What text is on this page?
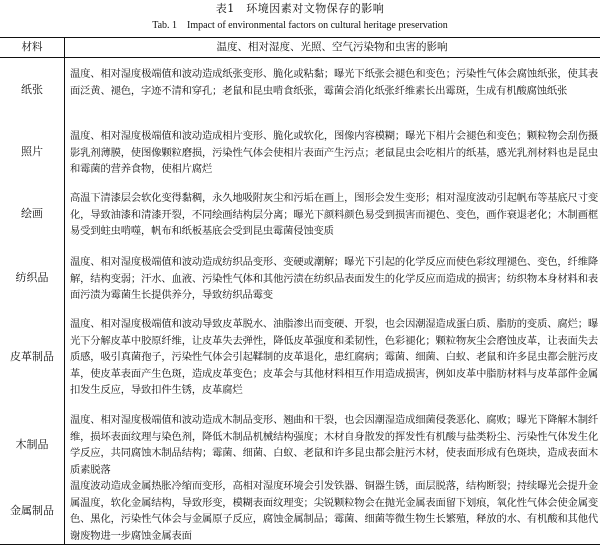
表1　环境因素对文物保存的影响
Tab. 1　Impact of environmental factors on cultural heritage preservation
材料	温度、相对湿度、光照、空气污染物和虫害的影响
纸张
温度、相对湿度极端值和波动造成纸张变形、脆化或粘黏；曝光下纸张会褪色和变色；污染性气体会腐蚀纸张，使其表面泛黄、褪色，字迹不清和穿孔；老鼠和昆虫啃食纸张，霉菌会消化纸张纤维素长出霉斑，生成有机酸腐蚀纸张
照片
温度、相对湿度极端值和波动造成相片变形、脆化或软化，图像内容模糊；曝光下相片会褪色和变色；颗粒物会刮伤摄影乳剂薄膜，使图像颗粒磨损，污染性气体会使相片表面产生污点；老鼠昆虫会吃相片的纸基，感光乳剂材料也是昆虫和霉菌的营养食物，使相片腐烂
绘画
高温下清漆层会软化变得黏稠，永久地吸附灰尘和污垢在画上，图形会发生变形；相对湿度波动引起帆布等基底尺寸变化，导致油漆和清漆开裂，不同绘画结构层分离；曝光下颜料颜色易受到损害而褪色、变色，画作衰退老化；木制画框易受到蛀虫啃噬，帆布和纸板基底会受到昆虫霉菌侵蚀变质
纺织品
温度、相对湿度极端值和波动造成纺织品变形、变硬或潮解；曝光下引起的化学反应而使色彩纹理褪色、变色，纤维降解，结构变弱；汗水、血液、污染性气体和其他污渍在纺织品表面发生的化学反应而造成的损害；纺织物本身材料和表面污渍为霉菌生长提供养分，导致纺织品霉变
皮革制品
温度、相对湿度极端值和波动导致皮革脱水、油脂渗出而变硬、开裂，也会因潮湿造成蛋白质、脂肪的变质、腐烂；曝光下分解皮革中胶原纤维，让皮革失去弹性，降低皮革强度和柔韧性，色彩褪化；颗粒物灰尘会磨蚀皮革，让表面失去质感，吸引真菌孢子，污染性气体会引起鞣制的皮革退化，患红腐病；霉菌、细菌、白蚁、老鼠和许多昆虫都会脏污皮革，使皮革表面产生色斑，造成皮革变色；皮革会与其他材料相互作用造成损害，例如皮革中脂肪材料与皮革部件金属扣发生反应，导致扣件生锈，皮革腐烂
木制品
温度、相对湿度极端值和波动造成木制品变形、翘曲和干裂，也会因潮湿造成细菌侵袭恶化、腐败；曝光下降解木制纤维，损坏表面纹理与染色剂，降低木制品机械结构强度；木材自身散发的挥发性有机酸与盐类粉尘、污染性气体发生化学反应，共同腐蚀木制品结构；霉菌、细菌、白蚁、老鼠和许多昆虫都会脏污木材，使表面形成有色斑块，造成表面木质素脱落
金属制品
温度波动造成金属热胀冷缩而变形，高相对湿度环境会引发铁器、铜器生锈，面层脱落，结构断裂；持续曝光会提升金属温度，软化金属结构，导致形变，模糊表面纹理变；尖锐颗粒物会在抛光金属表面留下划痕，氧化性气体会使金属变色、黑化，污染性气体会与金属原子反应，腐蚀金属制品；霉菌、细菌等微生物生长繁殖，释放的水、有机酸和其他代谢废物进一步腐蚀金属表面
